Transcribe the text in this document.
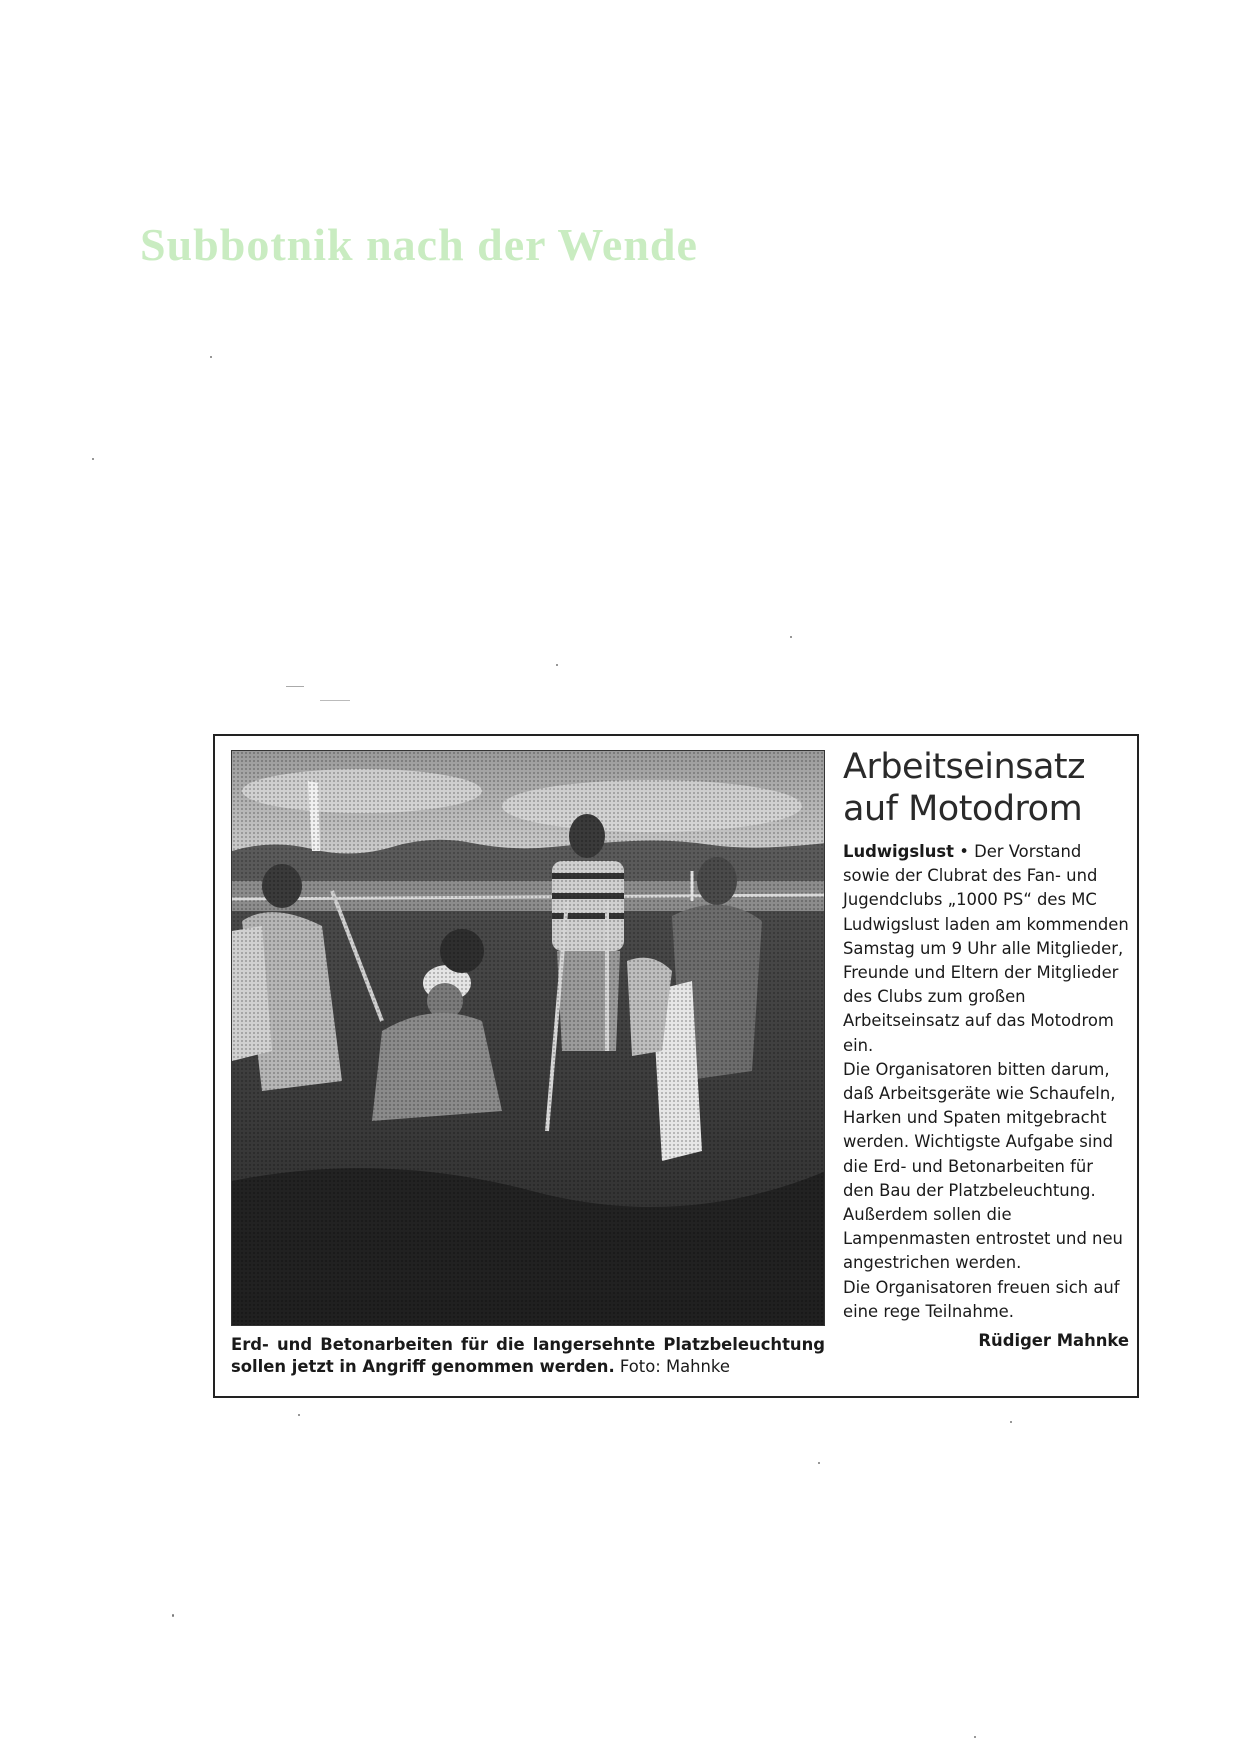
Subbotnik nach der Wende
Erd- und Betonarbeiten für die langersehnte Platzbeleuchtung sollen jetzt in Angriff genommen werden. Foto: Mahnke
Arbeitseinsatz
auf Motodrom
Ludwigslust • Der Vorstand sowie der Clubrat des Fan- und Jugendclubs „1000 PS“ des MC Ludwigslust laden am kommenden Samstag um 9 Uhr alle Mitglieder, Freunde und Eltern der Mitglieder des Clubs zum großen Arbeitseinsatz auf das Motodrom ein.
Die Organisatoren bitten darum, daß Arbeitsgeräte wie Schaufeln, Harken und Spaten mitgebracht werden. Wichtigste Aufgabe sind die Erd- und Betonarbeiten für den Bau der Platzbeleuchtung. Außerdem sollen die Lampenmasten entrostet und neu angestrichen werden.
Die Organisatoren freuen sich auf eine rege Teilnahme.
Rüdiger Mahnke
